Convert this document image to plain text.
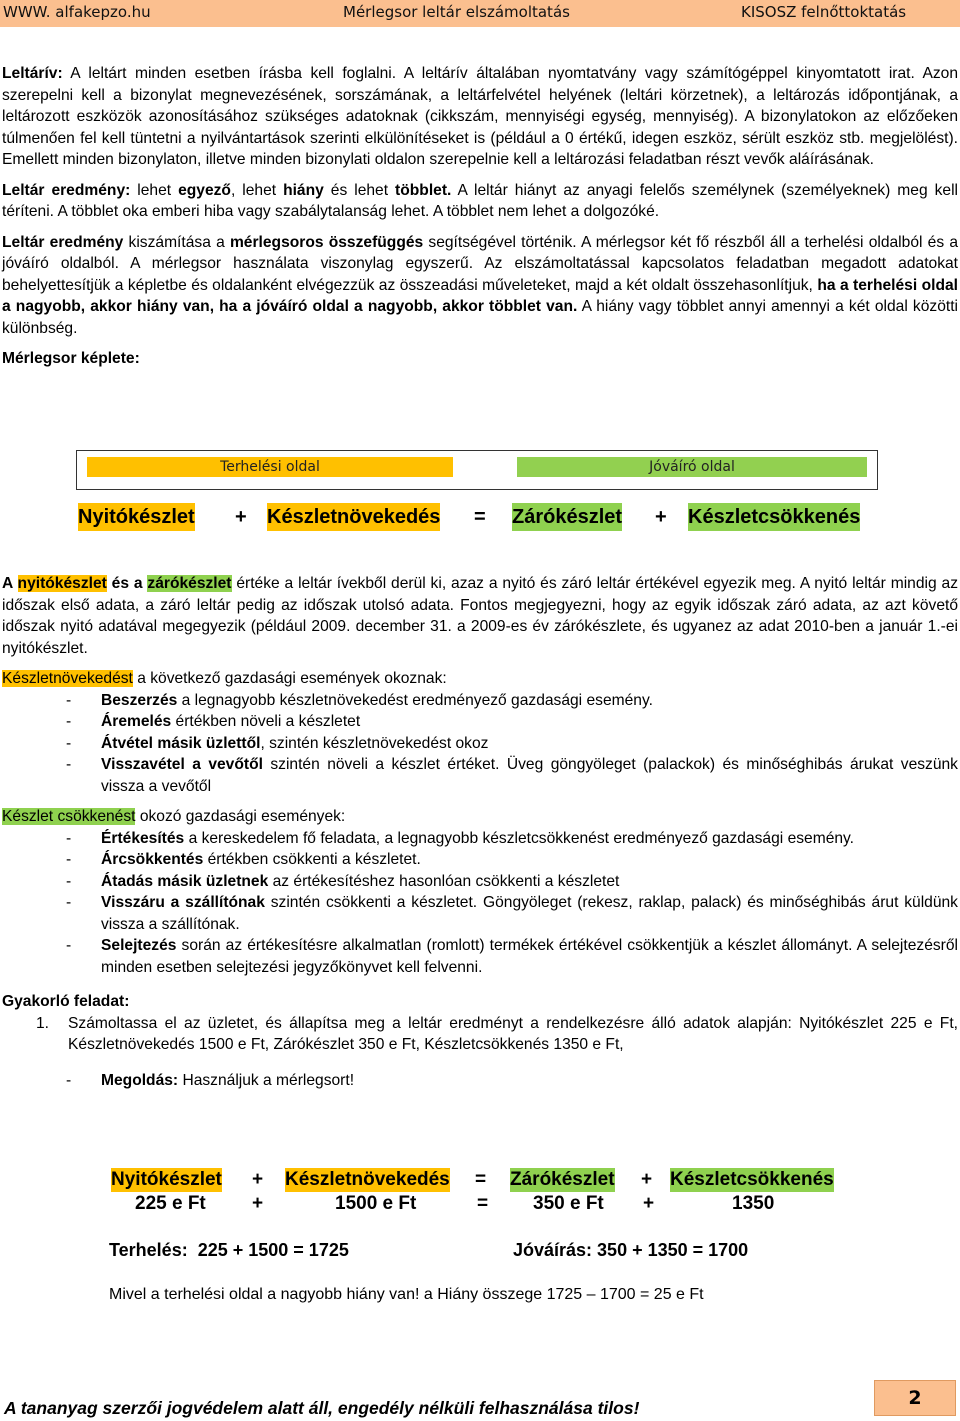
WWW. alfakepzo.hu	Mérlegsor leltár elszámoltatás	KISOSZ felnőttoktatás

Leltárív: A leltárt minden esetben írásba kell foglalni. A leltárív általában nyomtatvány vagy számítógéppel kinyomtatott irat. Azon szerepelni kell a bizonylat megnevezésének, sorszámának, a leltárfelvétel helyének (leltári körzetnek), a leltározás időpontjának, a leltározott eszközök azonosításához szükséges adatoknak (cikkszám, mennyiségi egység, mennyiség). A bizonylatokon az előzőeken túlmenően fel kell tüntetni a nyilvántartások szerinti elkülönítéseket is (például a 0 értékű, idegen eszköz, sérült eszköz stb. megjelölést). Emellett minden bizonylaton, illetve minden bizonylati oldalon szerepelnie kell a leltározási feladatban részt vevők aláírásának.

Leltár eredmény: lehet egyező, lehet hiány és lehet többlet. A leltár hiányt az anyagi felelős személynek (személyeknek) meg kell téríteni. A többlet oka emberi hiba vagy szabálytalanság lehet. A többlet nem lehet a dolgozóké.

Leltár eredmény kiszámítása a mérlegsoros összefüggés segítségével történik. A mérlegsor két fő részből áll a terhelési oldalból és a jóváíró oldalból. A mérlegsor használata viszonylag egyszerű. Az elszámoltatással kapcsolatos feladatban megadott adatokat behelyettesítjük a képletbe és oldalanként elvégezzük az összeadási műveleteket, majd a két oldalt összehasonlítjuk, ha a terhelési oldal a nagyobb, akkor hiány van, ha a jóváíró oldal a nagyobb, akkor többlet van. A hiány vagy többlet annyi amennyi a két oldal közötti különbség.

Mérlegsor képlete:

Terhelési oldal	Jóváíró oldal
Nyitókészlet + Készletnövekedés = Zárókészlet + Készletcsökkenés

A nyitókészlet és a zárókészlet értéke a leltár ívekből derül ki, azaz a nyitó és záró leltár értékével egyezik meg. A nyitó leltár mindig az időszak első adata, a záró leltár pedig az időszak utolsó adata. Fontos megjegyezni, hogy az egyik időszak záró adata, az azt követő időszak nyitó adatával megegyezik (például 2009. december 31. a 2009-es év zárókészlete, és ugyanez az adat 2010-ben a január 1.-ei nyitókészlet.

Készletnövekedést a következő gazdasági események okoznak:

- Beszerzés a legnagyobb készletnövekedést eredményező gazdasági esemény.
- Áremelés értékben növeli a készletet
- Átvétel másik üzlettől, szintén készletnövekedést okoz
- Visszavétel a vevőtől szintén növeli a készlet értéket. Üveg göngyöleget (palackok) és minőséghibás árukat veszünk vissza a vevőtől

Készlet csökkenést okozó gazdasági események:

- Értékesítés a kereskedelem fő feladata, a legnagyobb készletcsökkenést eredményező gazdasági esemény.
- Árcsökkentés értékben csökkenti a készletet.
- Átadás másik üzletnek az értékesítéshez hasonlóan csökkenti a készletet
- Visszáru a szállítónak szintén csökkenti a készletet. Göngyöleget (rekesz, raklap, palack) és minőséghibás árut küldünk vissza a szállítónak.
- Selejtezés során az értékesítésre alkalmatlan (romlott) termékek értékével csökkentjük a készlet állományt. A selejtezésről minden esetben selejtezési jegyzőkönyvet kell felvenni.

Gyakorló feladat:

1. Számoltassa el az üzletet, és állapítsa meg a leltár eredményt a rendelkezésre álló adatok alapján: Nyitókészlet 225 e Ft, Készletnövekedés 1500 e Ft, Zárókészlet 350 e Ft, Készletcsökkenés 1350 e Ft,

- Megoldás: Használjuk a mérlegsort!
Nyitókészlet + Készletnövekedés = Zárókészlet + Készletcsökkenés
225 e Ft +	1500 e Ft	= 350 e Ft +	1350
Terhelés:  225 + 1500 = 1725	Jóváírás: 350 + 1350 = 1700
Mivel a terhelési oldal a nagyobb hiány van! a Hiány összege 1725 – 1700 = 25 e Ft
A tananyag szerzői jogvédelem alatt áll, engedély nélküli felhasználása tilos!	2
